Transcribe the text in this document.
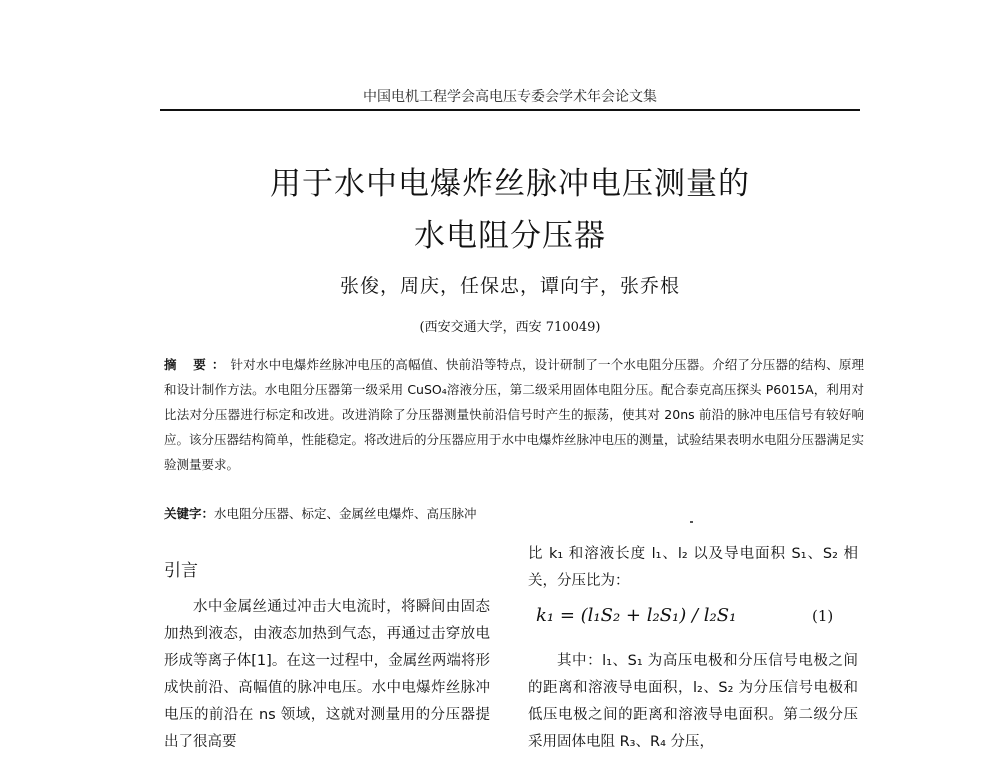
中国电机工程学会高电压专委会学术年会论文集
用于水中电爆炸丝脉冲电压测量的
水电阻分压器
张俊，周庆，任保忠，谭向宇，张乔根
(西安交通大学，西安 710049)
摘 要：针对水中电爆炸丝脉冲电压的高幅值、快前沿等特点，设计研制了一个水电阻分压器。介绍了分压器的结构、原理和设计制作方法。水电阻分压器第一级采用 CuSO₄溶液分压，第二级采用固体电阻分压。配合泰克高压探头 P6015A，利用对比法对分压器进行标定和改进。改进消除了分压器测量快前沿信号时产生的振荡，使其对 20ns 前沿的脉冲电压信号有较好响应。该分压器结构简单，性能稳定。将改进后的分压器应用于水中电爆炸丝脉冲电压的测量，试验结果表明水电阻分压器满足实验测量要求。
关键字：水电阻分压器、标定、金属丝电爆炸、高压脉冲
引言

水中金属丝通过冲击大电流时，将瞬间由固态加热到液态，由液态加热到气态，再通过击穿放电形成等离子体[1]。在这一过程中，金属丝两端将形成快前沿、高幅值的脉冲电压。水中电爆炸丝脉冲电压的前沿在 ns 领域，这就对测量用的分压器提出了很高要

比 k₁ 和溶液长度 l₁、l₂ 以及导电面积 S₁、S₂ 相关，分压比为：
k₁ = (l₁S₂ + l₂S₁) / l₂S₁	(1)
其中：l₁、S₁ 为高压电极和分压信号电极之间的距离和溶液导电面积，l₂、S₂ 为分压信号电极和低压电极之间的距离和溶液导电面积。第二级分压采用固体电阻 R₃、R₄ 分压，
